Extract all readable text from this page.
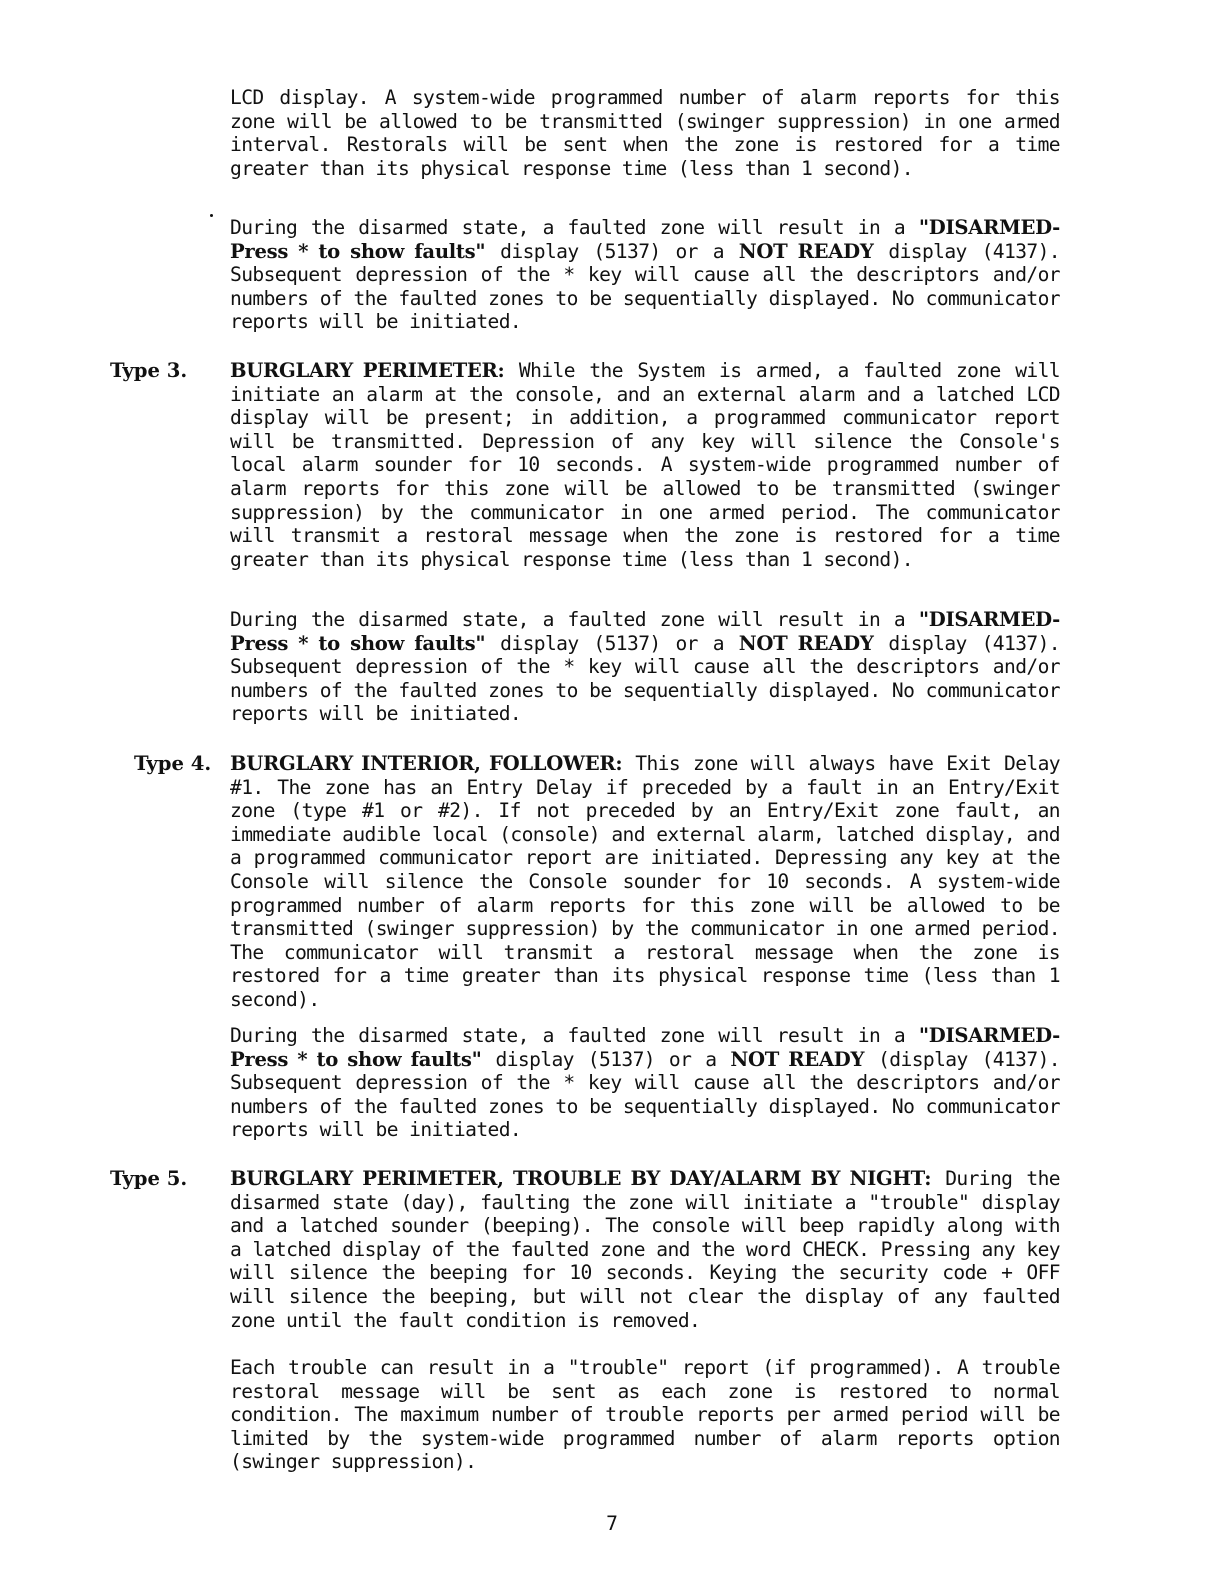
LCD display. A system-wide programmed number of alarm reports for this zone will be allowed to be transmitted (swinger suppression) in one armed interval. Restorals will be sent when the zone is restored for a time greater than its physical response time (less than 1 second).

During the disarmed state, a faulted zone will result in a "DISARMED-Press * to show faults" display (5137) or a NOT READY display (4137). Subsequent depression of the * key will cause all the descriptors and/or numbers of the faulted zones to be sequentially displayed. No communicator reports will be initiated.

Type 3. BURGLARY PERIMETER: While the System is armed, a faulted zone will initiate an alarm at the console, and an external alarm and a latched LCD display will be present; in addition, a programmed communicator report will be transmitted. Depression of any key will silence the Console's local alarm sounder for 10 seconds. A system-wide programmed number of alarm reports for this zone will be allowed to be transmitted (swinger suppression) by the communicator in one armed period. The communicator will transmit a restoral message when the zone is restored for a time greater than its physical response time (less than 1 second).

During the disarmed state, a faulted zone will result in a "DISARMED-Press * to show faults" display (5137) or a NOT READY display (4137). Subsequent depression of the * key will cause all the descriptors and/or numbers of the faulted zones to be sequentially displayed. No communicator reports will be initiated.

Type 4. BURGLARY INTERIOR, FOLLOWER: This zone will always have Exit Delay #1. The zone has an Entry Delay if preceded by a fault in an Entry/Exit zone (type #1 or #2). If not preceded by an Entry/Exit zone fault, an immediate audible local (console) and external alarm, latched display, and a programmed communicator report are initiated. Depressing any key at the Console will silence the Console sounder for 10 seconds. A system-wide programmed number of alarm reports for this zone will be allowed to be transmitted (swinger suppression) by the communicator in one armed period. The communicator will transmit a restoral message when the zone is restored for a time greater than its physical response time (less than 1 second).

During the disarmed state, a faulted zone will result in a "DISARMED-Press * to show faults" display (5137) or a NOT READY (display (4137). Subsequent depression of the * key will cause all the descriptors and/or numbers of the faulted zones to be sequentially displayed. No communicator reports will be initiated.

Type 5. BURGLARY PERIMETER, TROUBLE BY DAY/ALARM BY NIGHT: During the disarmed state (day), faulting the zone will initiate a "trouble" display and a latched sounder (beeping). The console will beep rapidly along with a latched display of the faulted zone and the word CHECK. Pressing any key will silence the beeping for 10 seconds. Keying the security code + OFF will silence the beeping, but will not clear the display of any faulted zone until the fault condition is removed.

Each trouble can result in a "trouble" report (if programmed). A trouble restoral message will be sent as each zone is restored to normal condition. The maximum number of trouble reports per armed period will be limited by the system-wide programmed number of alarm reports option (swinger suppression).

7
